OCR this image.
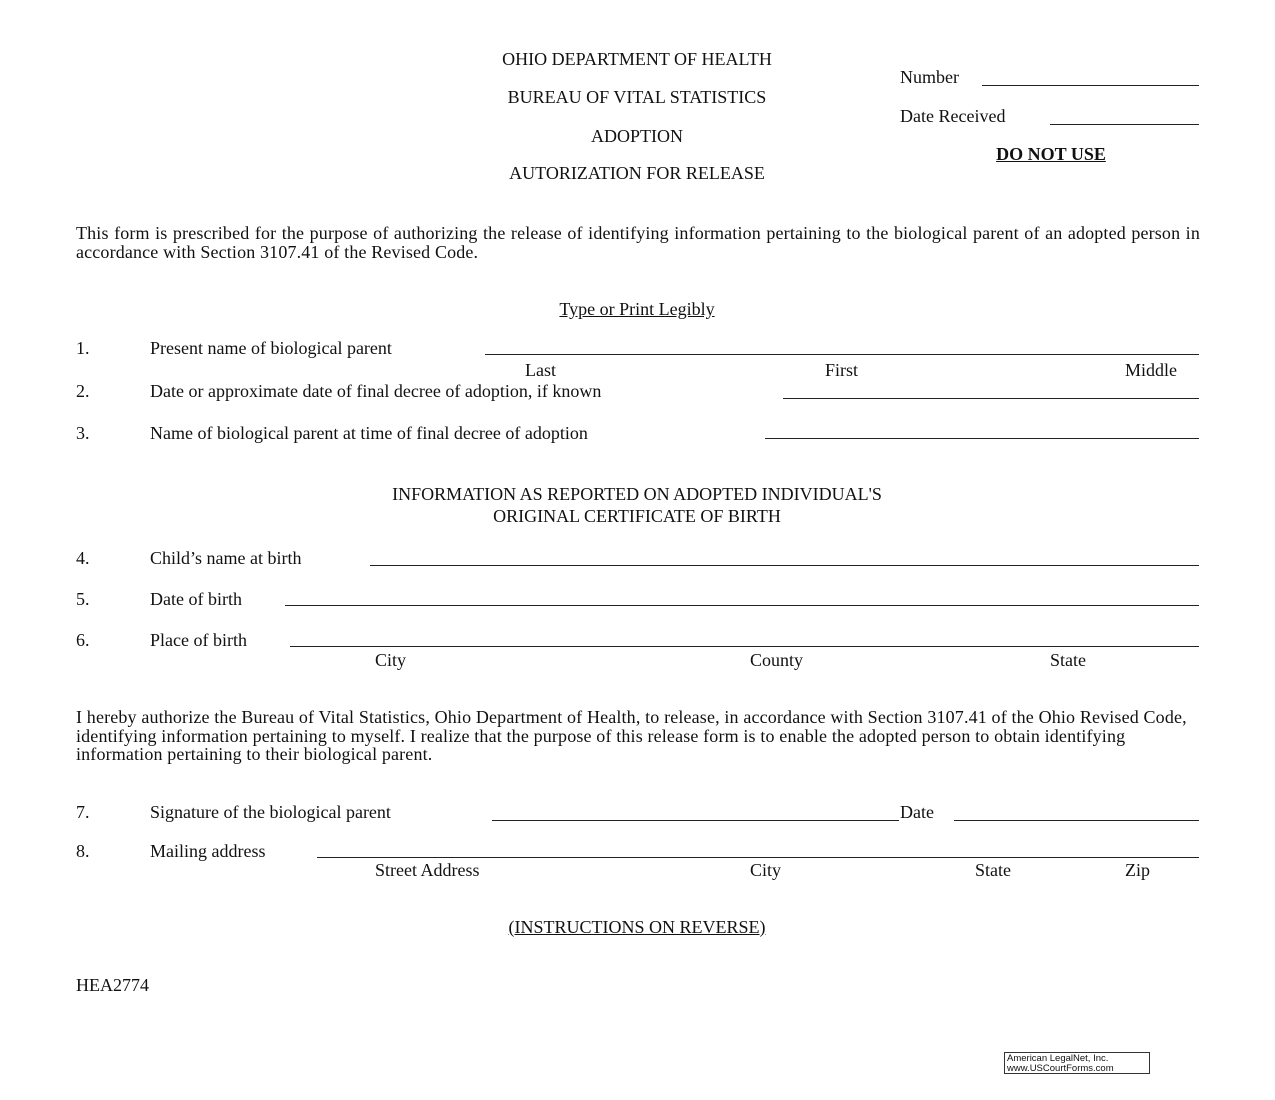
OHIO DEPARTMENT OF HEALTH
BUREAU OF VITAL STATISTICS
ADOPTION
AUTORIZATION FOR RELEASE
Number
Date Received
DO NOT USE
This form is prescribed for the purpose of authorizing the release of identifying information pertaining to the biological parent of an adopted person in accordance with Section 3107.41 of the Revised Code.
Type or Print Legibly
1.	Present name of biological parent
Last	First	Middle
2.	Date or approximate date of final decree of adoption, if known
3.	Name of biological parent at time of final decree of adoption
INFORMATION AS REPORTED ON ADOPTED INDIVIDUAL'S
ORIGINAL CERTIFICATE OF BIRTH
4.	Child’s name at birth
5.	Date of birth
6.	Place of birth
City	County	State
I hereby authorize the Bureau of Vital Statistics, Ohio Department of Health, to release, in accordance with Section 3107.41 of the Ohio Revised Code, identifying information pertaining to myself. I realize that the purpose of this release form is to enable the adopted person to obtain identifying information pertaining to their biological parent.
7.	Signature of the biological parent	Date
8.	Mailing address
Street Address	City	State	Zip
(INSTRUCTIONS ON REVERSE)
HEA2774
American LegalNet, Inc.
www.USCourtForms.com
